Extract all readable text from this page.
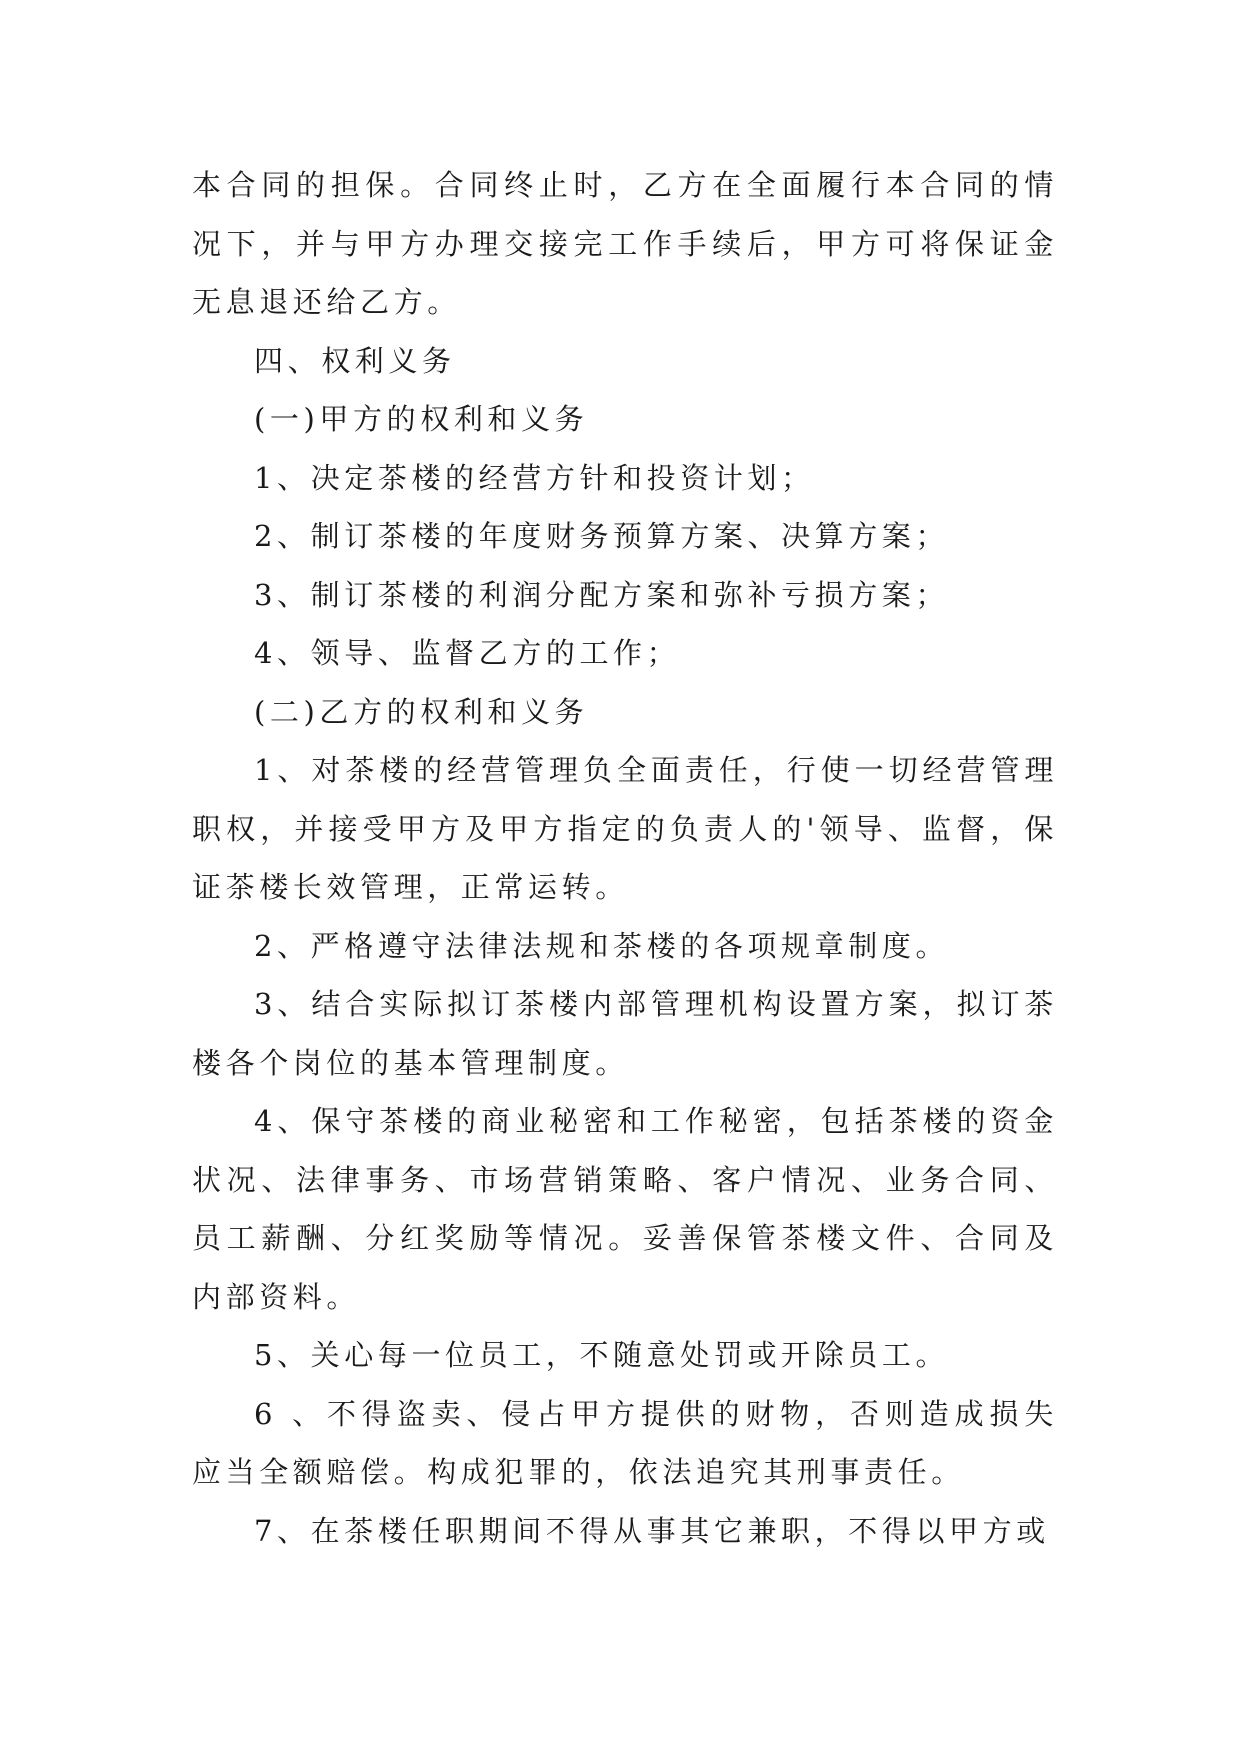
本合同的担保。合同终止时，乙方在全面履行本合同的情况下，并与甲方办理交接完工作手续后，甲方可将保证金无息退还给乙方。

四、权利义务

(一)甲方的权利和义务

1、决定茶楼的经营方针和投资计划；

2、制订茶楼的年度财务预算方案、决算方案；

3、制订茶楼的利润分配方案和弥补亏损方案；

4、领导、监督乙方的工作；

(二)乙方的权利和义务

1、对茶楼的经营管理负全面责任，行使一切经营管理职权，并接受甲方及甲方指定的负责人的'领导、监督，保证茶楼长效管理，正常运转。

2、严格遵守法律法规和茶楼的各项规章制度。

3、结合实际拟订茶楼内部管理机构设置方案，拟订茶楼各个岗位的基本管理制度。

4、保守茶楼的商业秘密和工作秘密，包括茶楼的资金状况、法律事务、市场营销策略、客户情况、业务合同、员工薪酬、分红奖励等情况。妥善保管茶楼文件、合同及内部资料。

5、关心每一位员工，不随意处罚或开除员工。

6 、不得盗卖、侵占甲方提供的财物，否则造成损失应当全额赔偿。构成犯罪的，依法追究其刑事责任。

7、在茶楼任职期间不得从事其它兼职，不得以甲方或
